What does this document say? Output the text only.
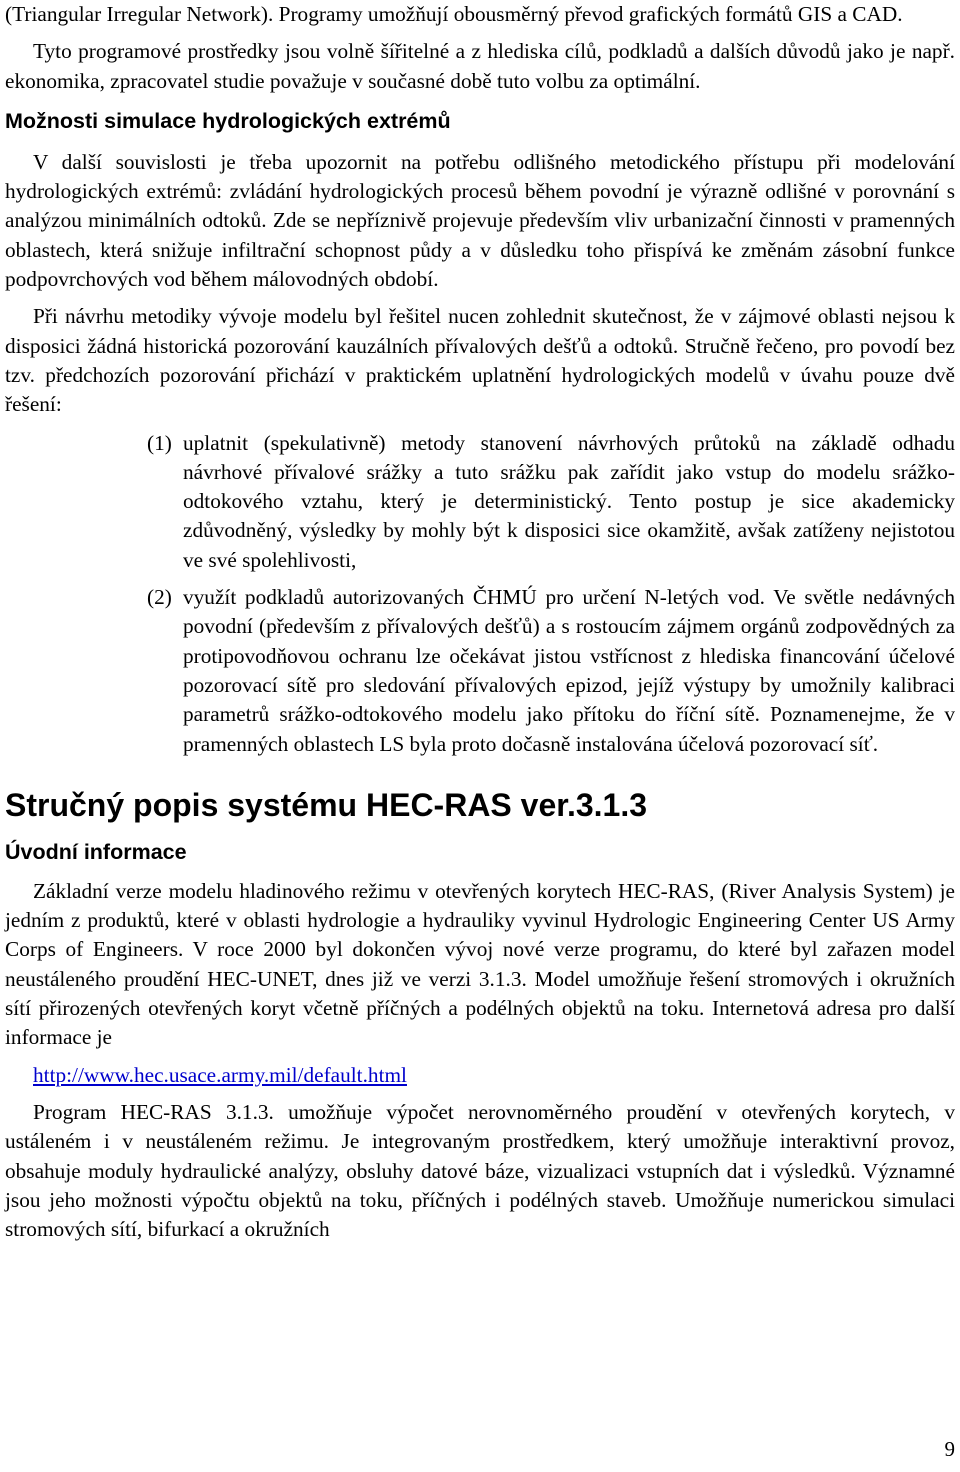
(Triangular Irregular Network). Programy umožňují obousměrný převod grafických formátů GIS a CAD.

Tyto programové prostředky jsou volně šířitelné a z hlediska cílů, podkladů a dalších důvodů jako je např. ekonomika, zpracovatel studie považuje v současné době tuto volbu za optimální.

Možnosti simulace hydrologických extrémů

V další souvislosti je třeba upozornit na potřebu odlišného metodického přístupu při modelování hydrologických extrémů: zvládání hydrologických procesů během povodní je výrazně odlišné v porovnání s analýzou minimálních odtoků. Zde se nepříznivě projevuje především vliv urbanizační činnosti v pramenných oblastech, která snižuje infiltrační schopnost půdy a v důsledku toho přispívá ke změnám zásobní funkce podpovrchových vod během málovodných období.

Při návrhu metodiky vývoje modelu byl řešitel nucen zohlednit skutečnost, že v zájmové oblasti nejsou k disposici žádná historická pozorování kauzálních přívalových dešťů a odtoků. Stručně řečeno, pro povodí bez tzv. předchozích pozorování přichází v praktickém uplatnění hydrologických modelů v úvahu pouze dvě řešení:

(1) uplatnit (spekulativně) metody stanovení návrhových průtoků na základě odhadu návrhové přívalové srážky a tuto srážku pak zařídit jako vstup do modelu srážko-odtokového vztahu, který je deterministický. Tento postup je sice akademicky zdůvodněný, výsledky by mohly být k disposici sice okamžitě, avšak zatíženy nejistotou ve své spolehlivosti,

(2) využít podkladů autorizovaných ČHMÚ pro určení N-letých vod. Ve světle nedávných povodní (především z přívalových dešťů) a s rostoucím zájmem orgánů zodpovědných za protipovodňovou ochranu lze očekávat jistou vstřícnost z hlediska financování účelové pozorovací sítě pro sledování přívalových epizod, jejíž výstupy by umožnily kalibraci parametrů srážko-odtokového modelu jako přítoku do říční sítě. Poznamenejme, že v pramenných oblastech LS byla proto dočasně instalována účelová pozorovací síť.

Stručný popis systému HEC-RAS ver.3.1.3
Úvodní informace

Základní verze modelu hladinového režimu v otevřených korytech HEC-RAS, (River Analysis System) je jedním z produktů, které v oblasti hydrologie a hydrauliky vyvinul Hydrologic Engineering Center US Army Corps of Engineers. V roce 2000 byl dokončen vývoj nové verze programu, do které byl zařazen model neustáleného proudění HEC-UNET, dnes již ve verzi 3.1.3. Model umožňuje řešení stromových i okružních sítí přirozených otevřených koryt včetně příčných a podélných objektů na toku. Internetová adresa pro další informace je

http://www.hec.usace.army.mil/default.html

Program HEC-RAS 3.1.3. umožňuje výpočet nerovnoměrného proudění v otevřených korytech, v ustáleném i v neustáleném režimu. Je integrovaným prostředkem, který umožňuje interaktivní provoz, obsahuje moduly hydraulické analýzy, obsluhy datové báze, vizualizaci vstupních dat i výsledků. Významné jsou jeho možnosti výpočtu objektů na toku, příčných i podélných staveb. Umožňuje numerickou simulaci stromových sítí, bifurkací a okružních

9
